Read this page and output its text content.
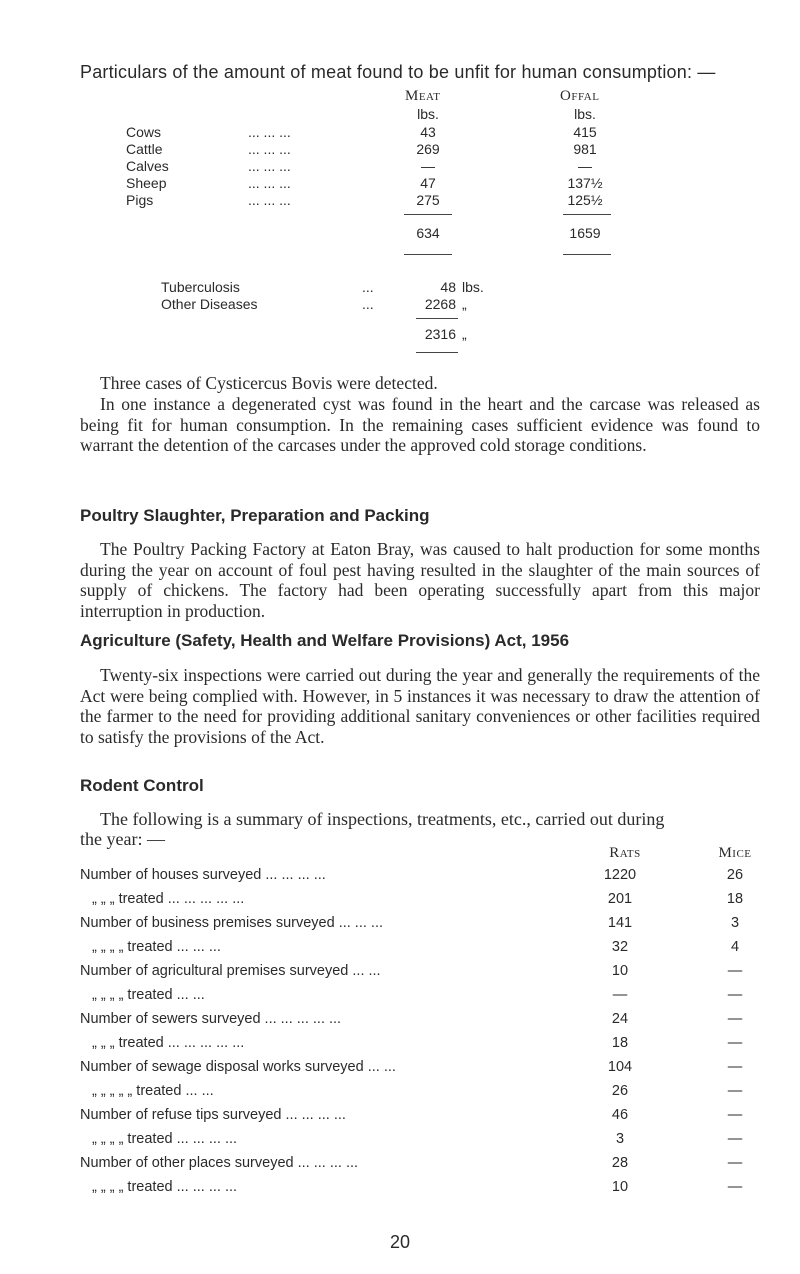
Particulars of the amount of meat found to be unfit for human consumption: —
Meat	Offal
lbs.	lbs.
Cows	... ... ...	43	415
Cattle	... ... ...	269	981
Calves	... ... ...	—	—
Sheep	... ... ...	47	137½
Pigs	... ... ...	275	125½
634	1659
Tuberculosis	...	48 lbs.
Other Diseases	...	2268 „
2316 „
Three cases of Cysticercus Bovis were detected.
In one instance a degenerated cyst was found in the heart and the carcase was released as being fit for human consumption. In the remaining cases sufficient evidence was found to warrant the detention of the carcases under the approved cold storage conditions.
Poultry Slaughter, Preparation and Packing
The Poultry Packing Factory at Eaton Bray, was caused to halt production for some months during the year on account of foul pest having resulted in the slaughter of the main sources of supply of chickens. The factory had been operating successfully apart from this major interruption in production.
Agriculture (Safety, Health and Welfare Provisions) Act, 1956
Twenty-six inspections were carried out during the year and generally the requirements of the Act were being complied with. However, in 5 instances it was necessary to draw the attention of the farmer to the need for providing additional sanitary conveniences or other facilities required to satisfy the provisions of the Act.
Rodent Control
The following is a summary of inspections, treatments, etc., carried out during
the year: —
Rats	Mice
Number of houses surveyed ... ... ... ...	1220	26
„ „ „ treated ... ... ... ... ...	201	18
Number of business premises surveyed ... ... ...	141	3
„ „ „ „ treated ... ... ...	32	4
Number of agricultural premises surveyed ... ...	10	—
„ „ „ „ treated ... ...	—	—
Number of sewers surveyed ... ... ... ... ...	24	—
„ „ „ treated ... ... ... ... ...	18	—
Number of sewage disposal works surveyed ... ...	104	—
„ „ „ „ „ treated ... ...	26	—
Number of refuse tips surveyed ... ... ... ...	46	—
„ „ „ „ treated ... ... ... ...	3	—
Number of other places surveyed ... ... ... ...	28	—
„ „ „ „ treated ... ... ... ...	10	—
20
